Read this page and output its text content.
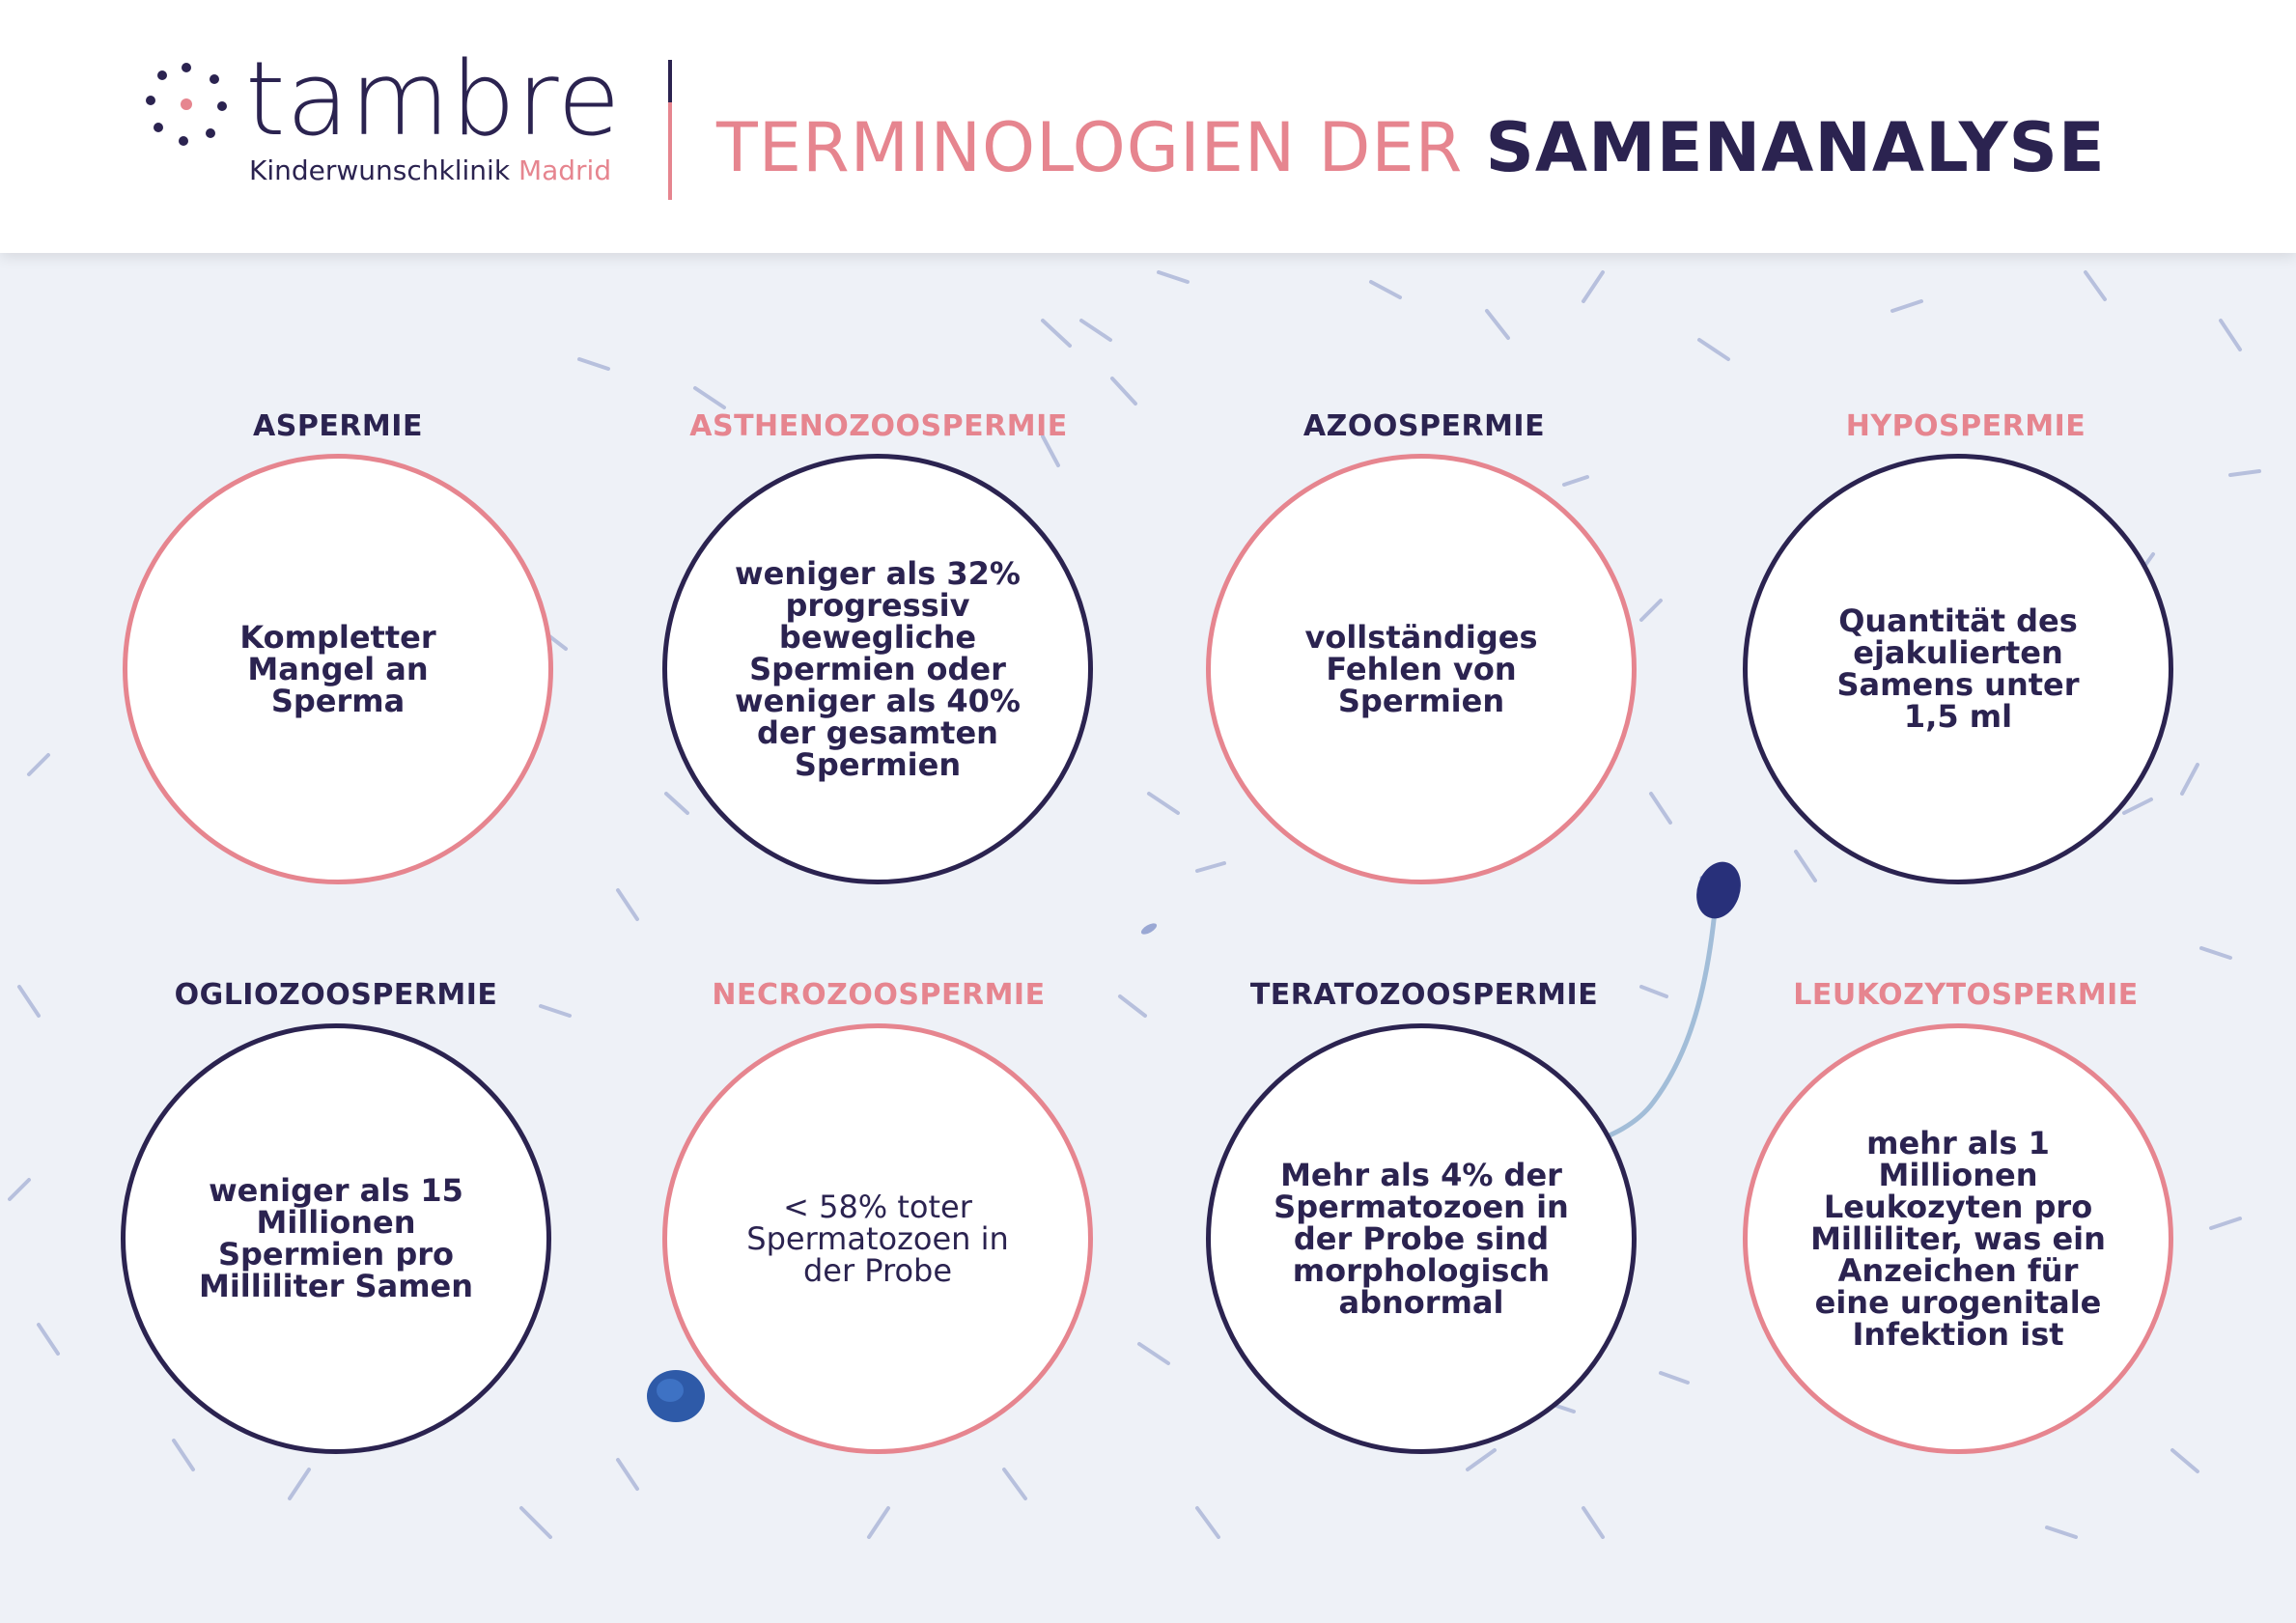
tambre
Kinderwunschklinik Madrid TERMINOLOGIEN DER SAMENANALYSE
ASPERMIE
Kompletter Mangel an Sperma
ASTHENOZOOSPERMIE
weniger als 32% progressiv bewegliche Spermien oder weniger als 40% der gesamten Spermien
AZOOSPERMIE
vollständiges Fehlen von Spermien
HYPOSPERMIE
Quantität des ejakulierten Samens unter 1,5 ml
OGLIOZOOSPERMIE
weniger als 15 Millionen Spermien pro Milliliter Samen
NECROZOOSPERMIE
< 58% toter Spermatozoen in der Probe
TERATOZOOSPERMIE
Mehr als 4% der Spermatozoen in der Probe sind morphologisch abnormal
LEUKOZYTOSPERMIE
mehr als 1 Millionen Leukozyten pro Milliliter, was ein Anzeichen für eine urogenitale Infektion ist
